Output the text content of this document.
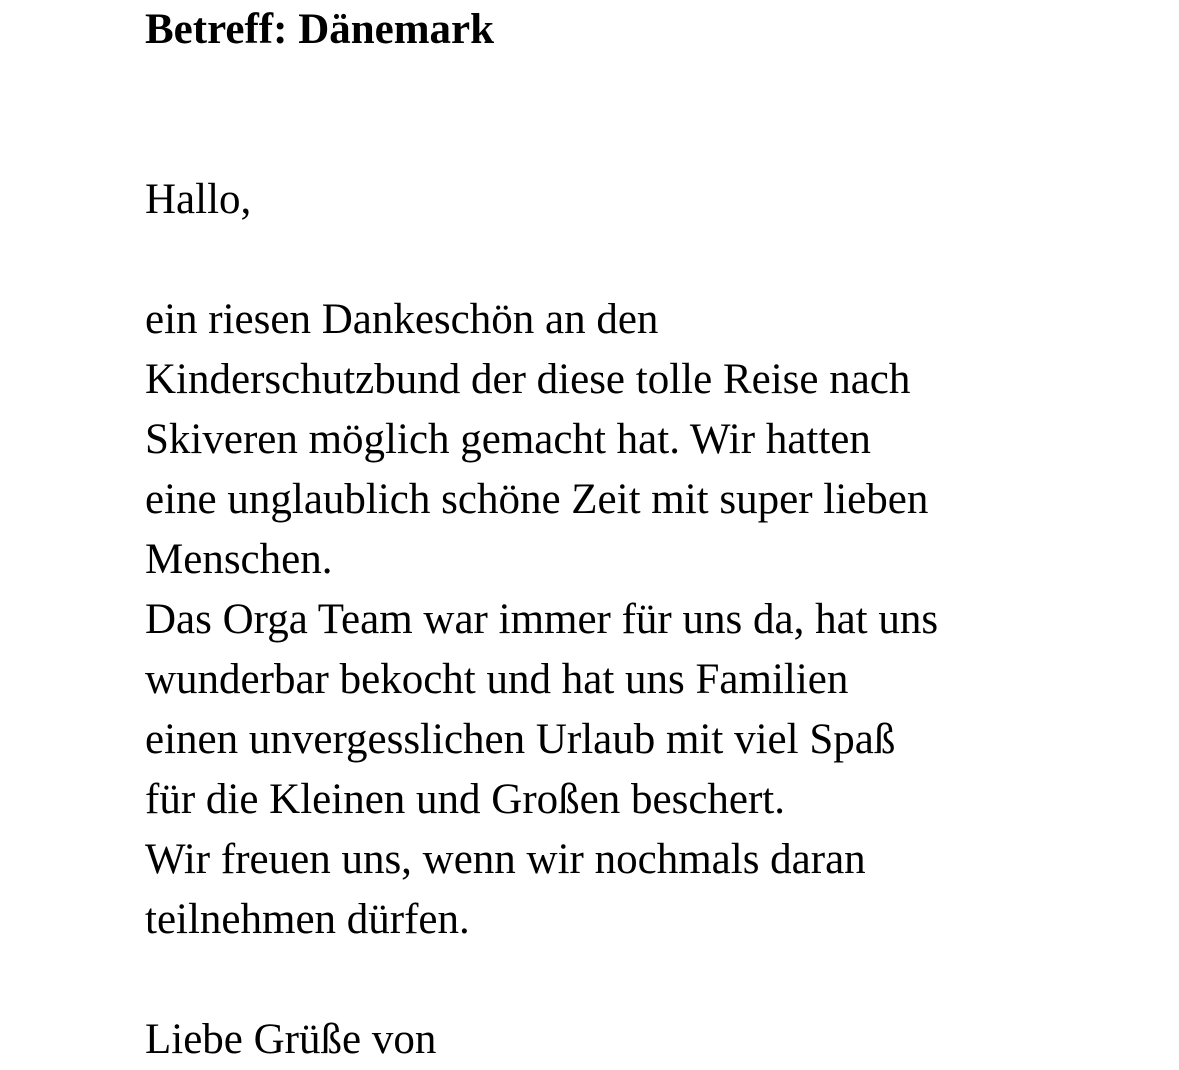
Betreff: Dänemark
Hallo,
ein riesen Dankeschön an den
Kinderschutzbund der diese tolle Reise nach
Skiveren möglich gemacht hat. Wir hatten
eine unglaublich schöne Zeit mit super lieben
Menschen.
Das Orga Team war immer für uns da, hat uns
wunderbar bekocht und hat uns Familien
einen unvergesslichen Urlaub mit viel Spaß
für die Kleinen und Großen beschert.
Wir freuen uns, wenn wir nochmals daran
teilnehmen dürfen.
Liebe Grüße von
